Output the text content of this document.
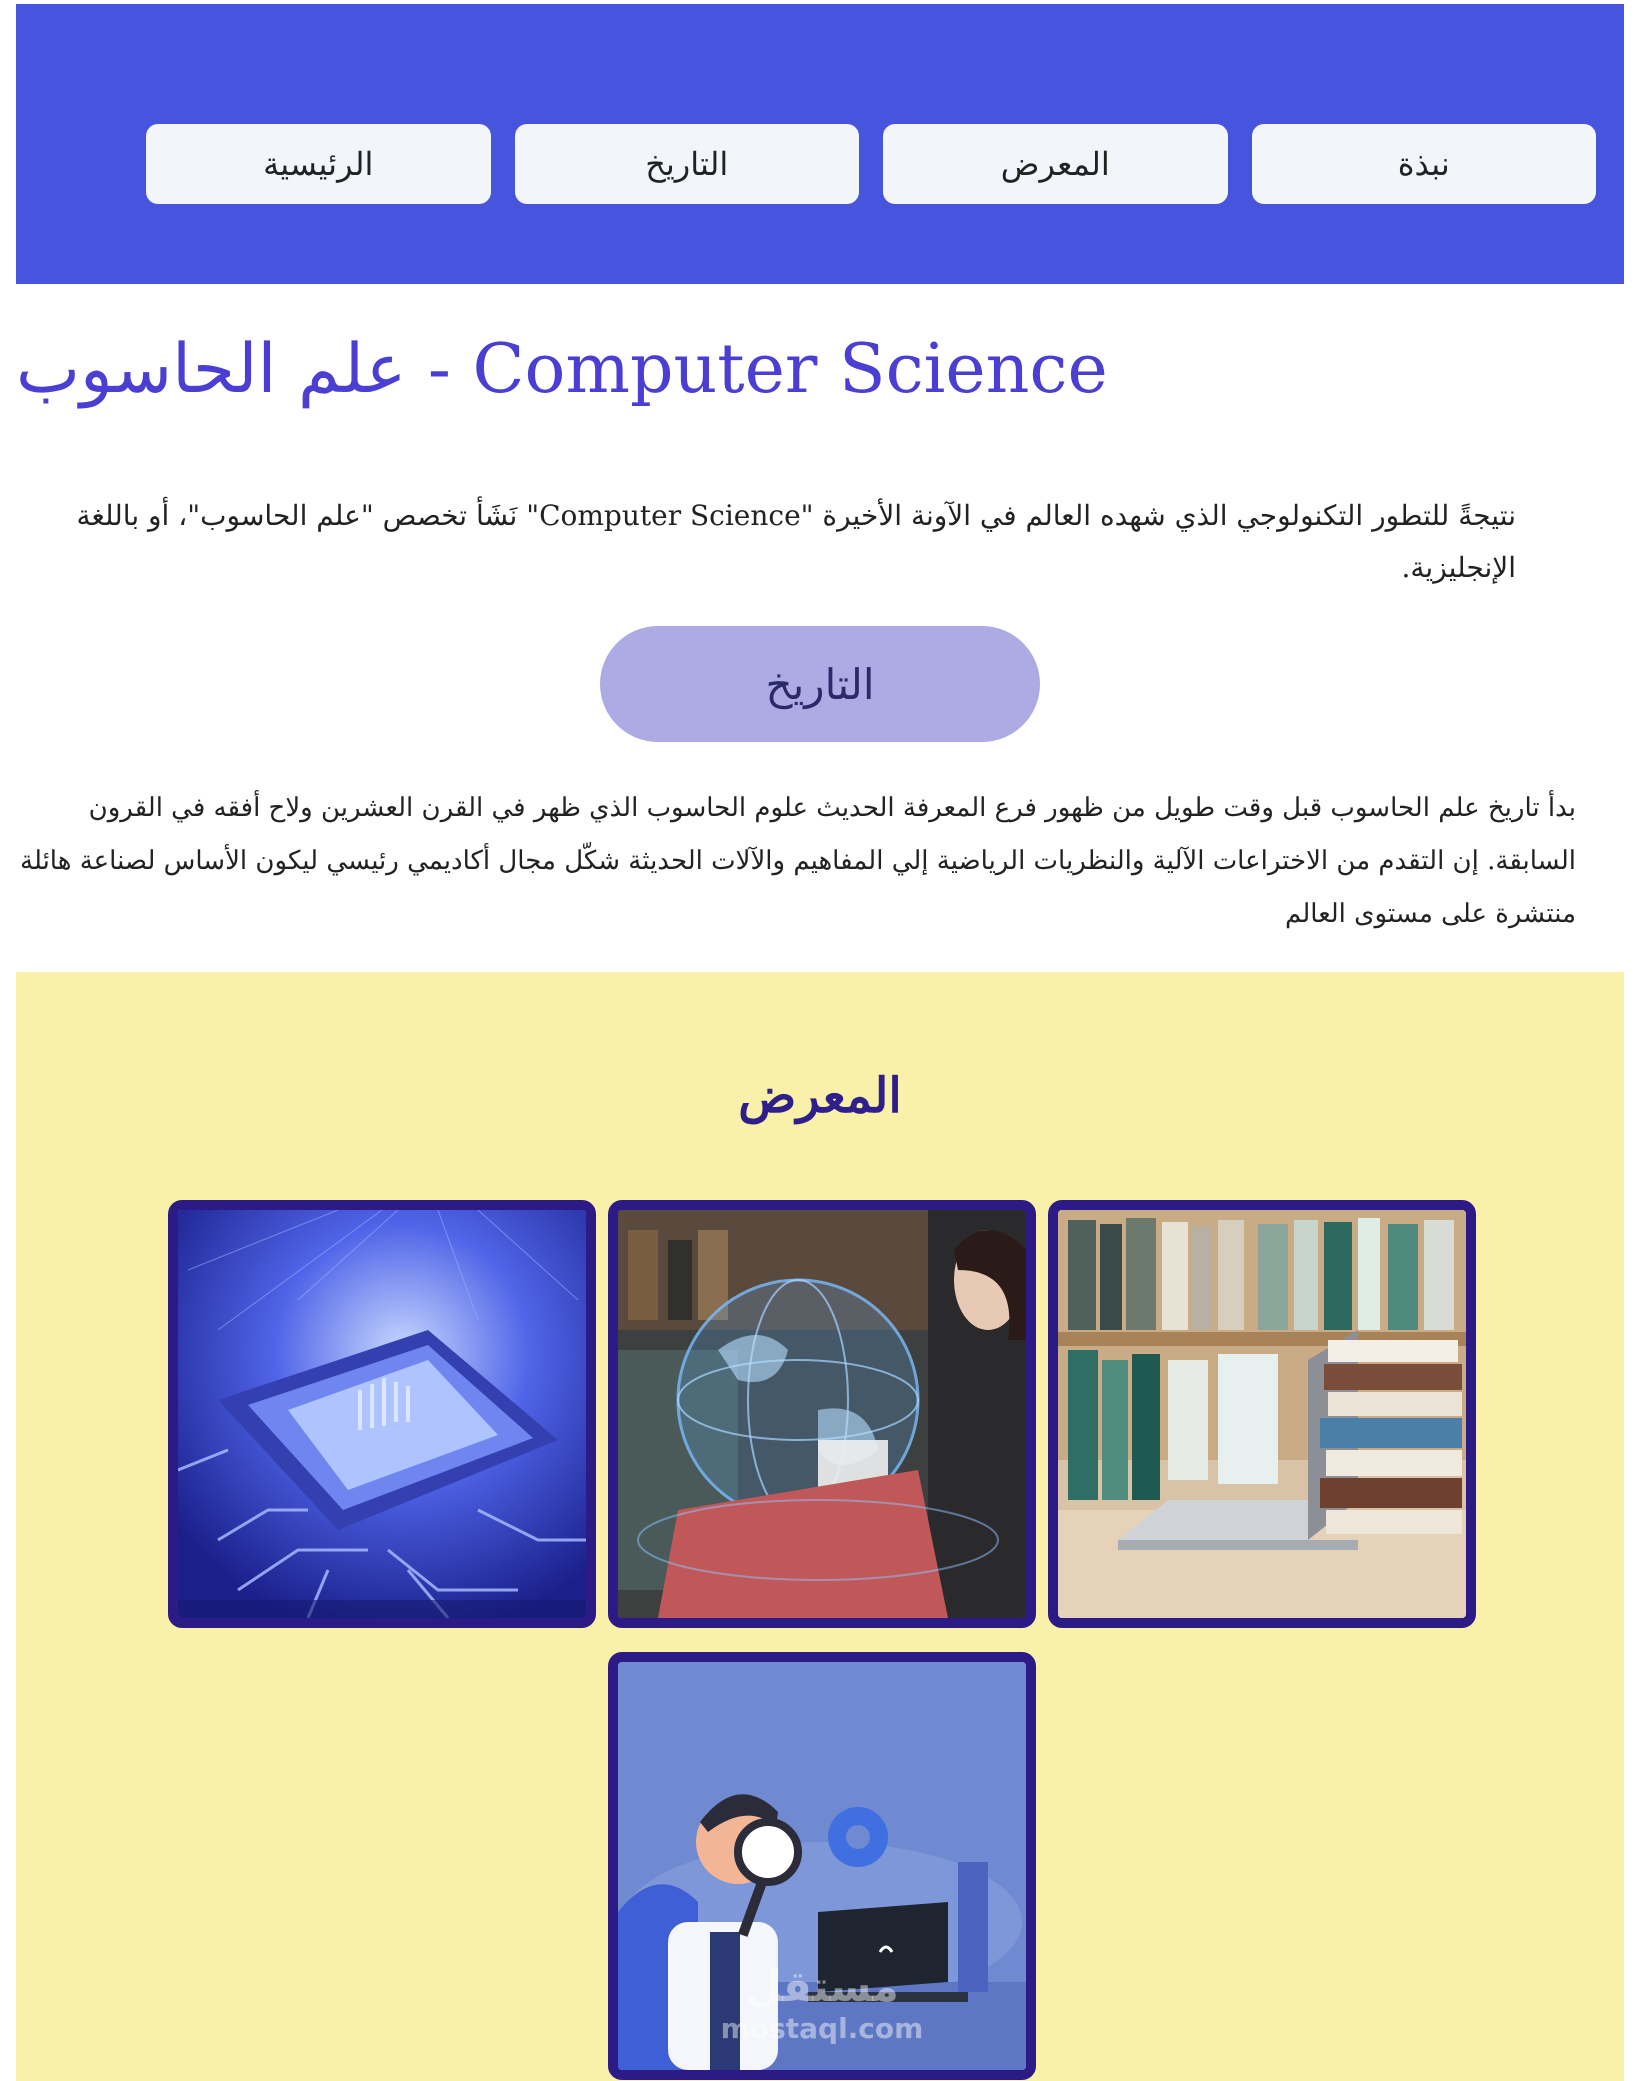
نبذة
المعرض
التاريخ
الرئيسية
علم الحاسوب - Computer Science

نتيجةً للتطور التكنولوجي الذي شهده العالم في الآونة الأخيرة "Computer Science" نَشَأ تخصص "علم الحاسوب"، أو باللغة الإنجليزية.

التاريخ

بدأ تاريخ علم الحاسوب قبل وقت طويل من ظهور فرع المعرفة الحديث علوم الحاسوب الذي ظهر في القرن العشرين ولاح أفقه في القرون السابقة. إن التقدم من الاختراعات الآلية والنظريات الرياضية إلي المفاهيم والآلات الحديثة شكّل مجال أكاديمي رئيسي ليكون الأساس لصناعة هائلة منتشرة على مستوى العالم

المعرض
مستقل
mostaql.com
